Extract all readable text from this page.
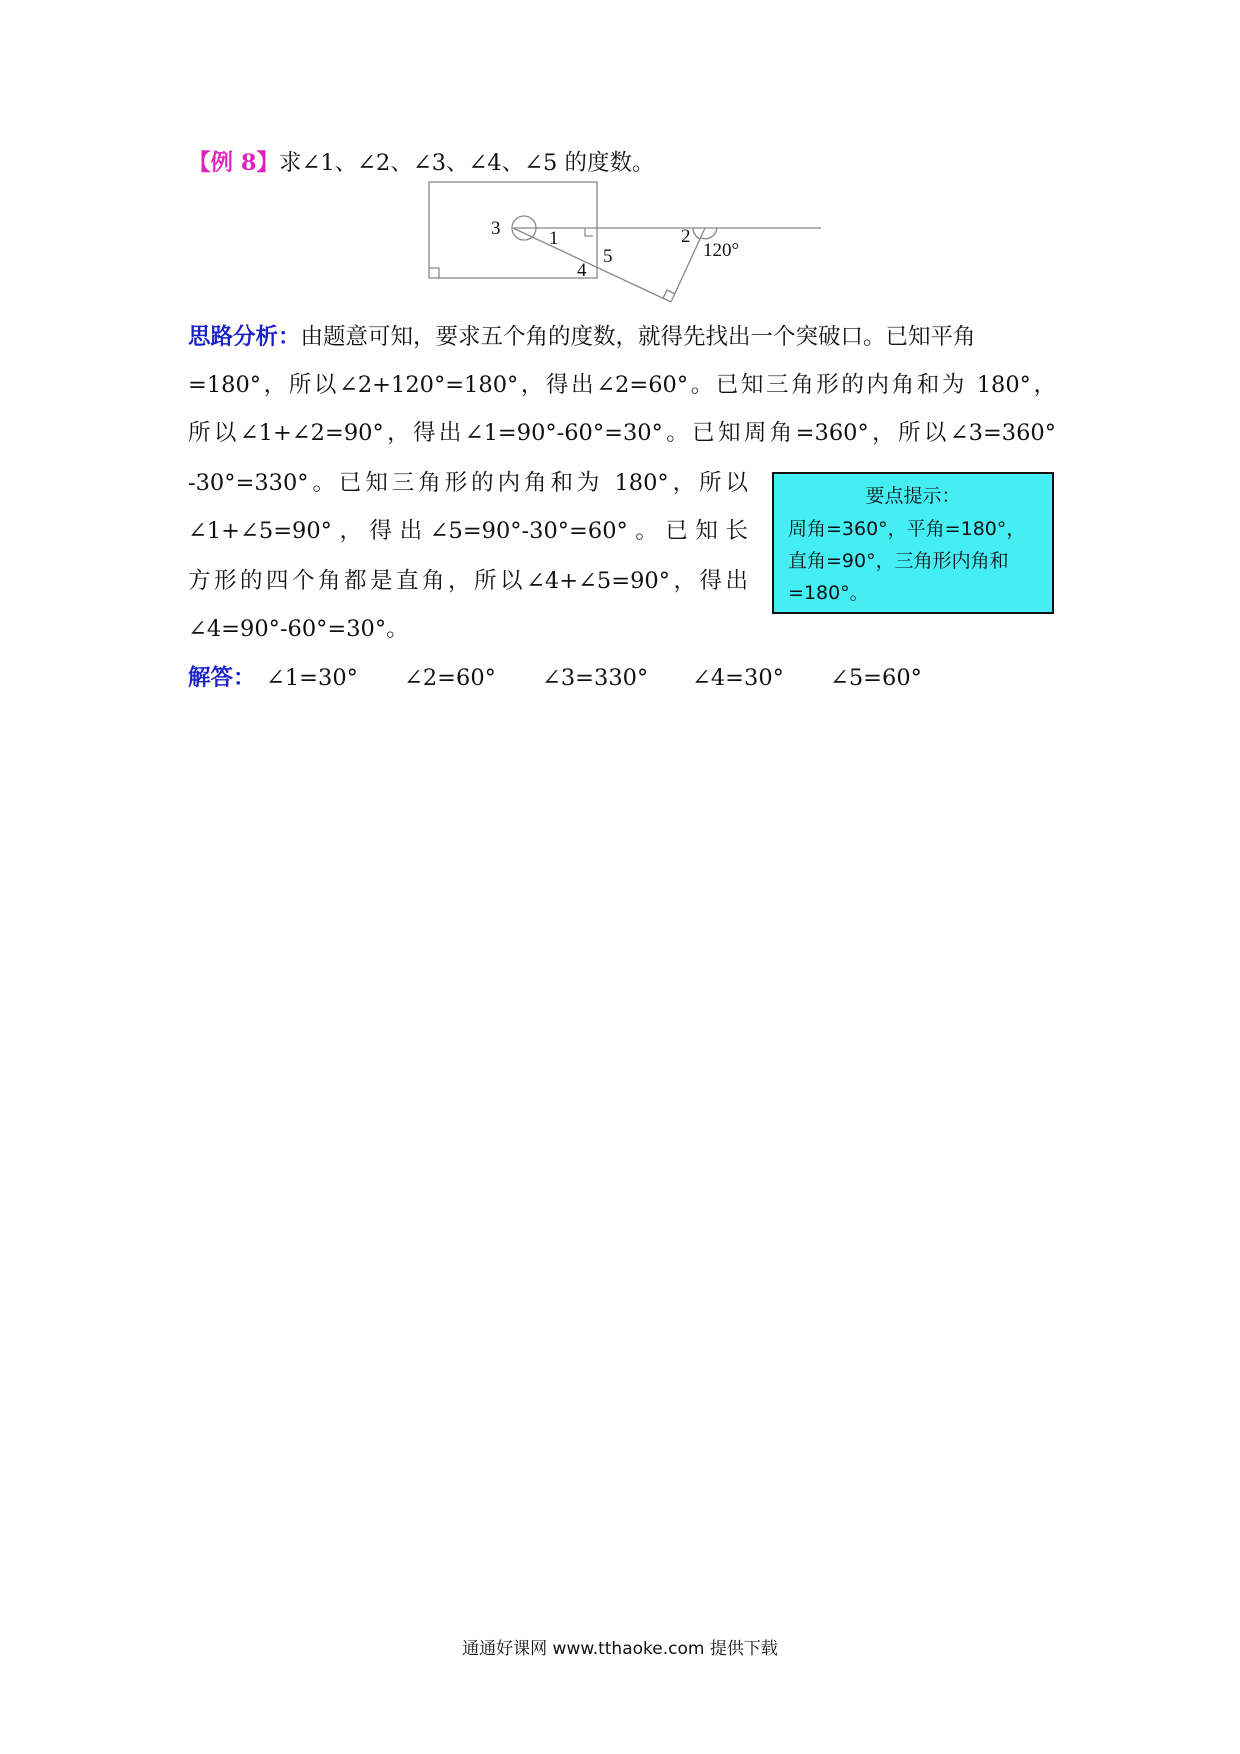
【例 8】求∠1、∠2、∠3、∠4、∠5 的度数。
3	1	2
120°
5
4
思路分析：由题意可知，要求五个角的度数，就得先找出一个突破口。已知平角
=180°，所以∠2+120°=180°，得出∠2=60°。已知三角形的内角和为 180°，
所以∠1+∠2=90°，得出∠1=90°-60°=30°。已知周角=360°，所以∠3=360°
-30°=330°。已知三角形的内角和为 180°，所以
∠1+∠5=90°，得出∠5=90°-30°=60°。已知长
方形的四个角都是直角，所以∠4+∠5=90°，得出
∠4=90°-60°=30°。
要点提示：
周角=360°，平角=180°，
直角=90°，三角形内角和
=180°。
解答： ∠1=30° ∠2=60° ∠3=330° ∠4=30° ∠5=60°
通通好课网 www.tthaoke.com 提供下载
